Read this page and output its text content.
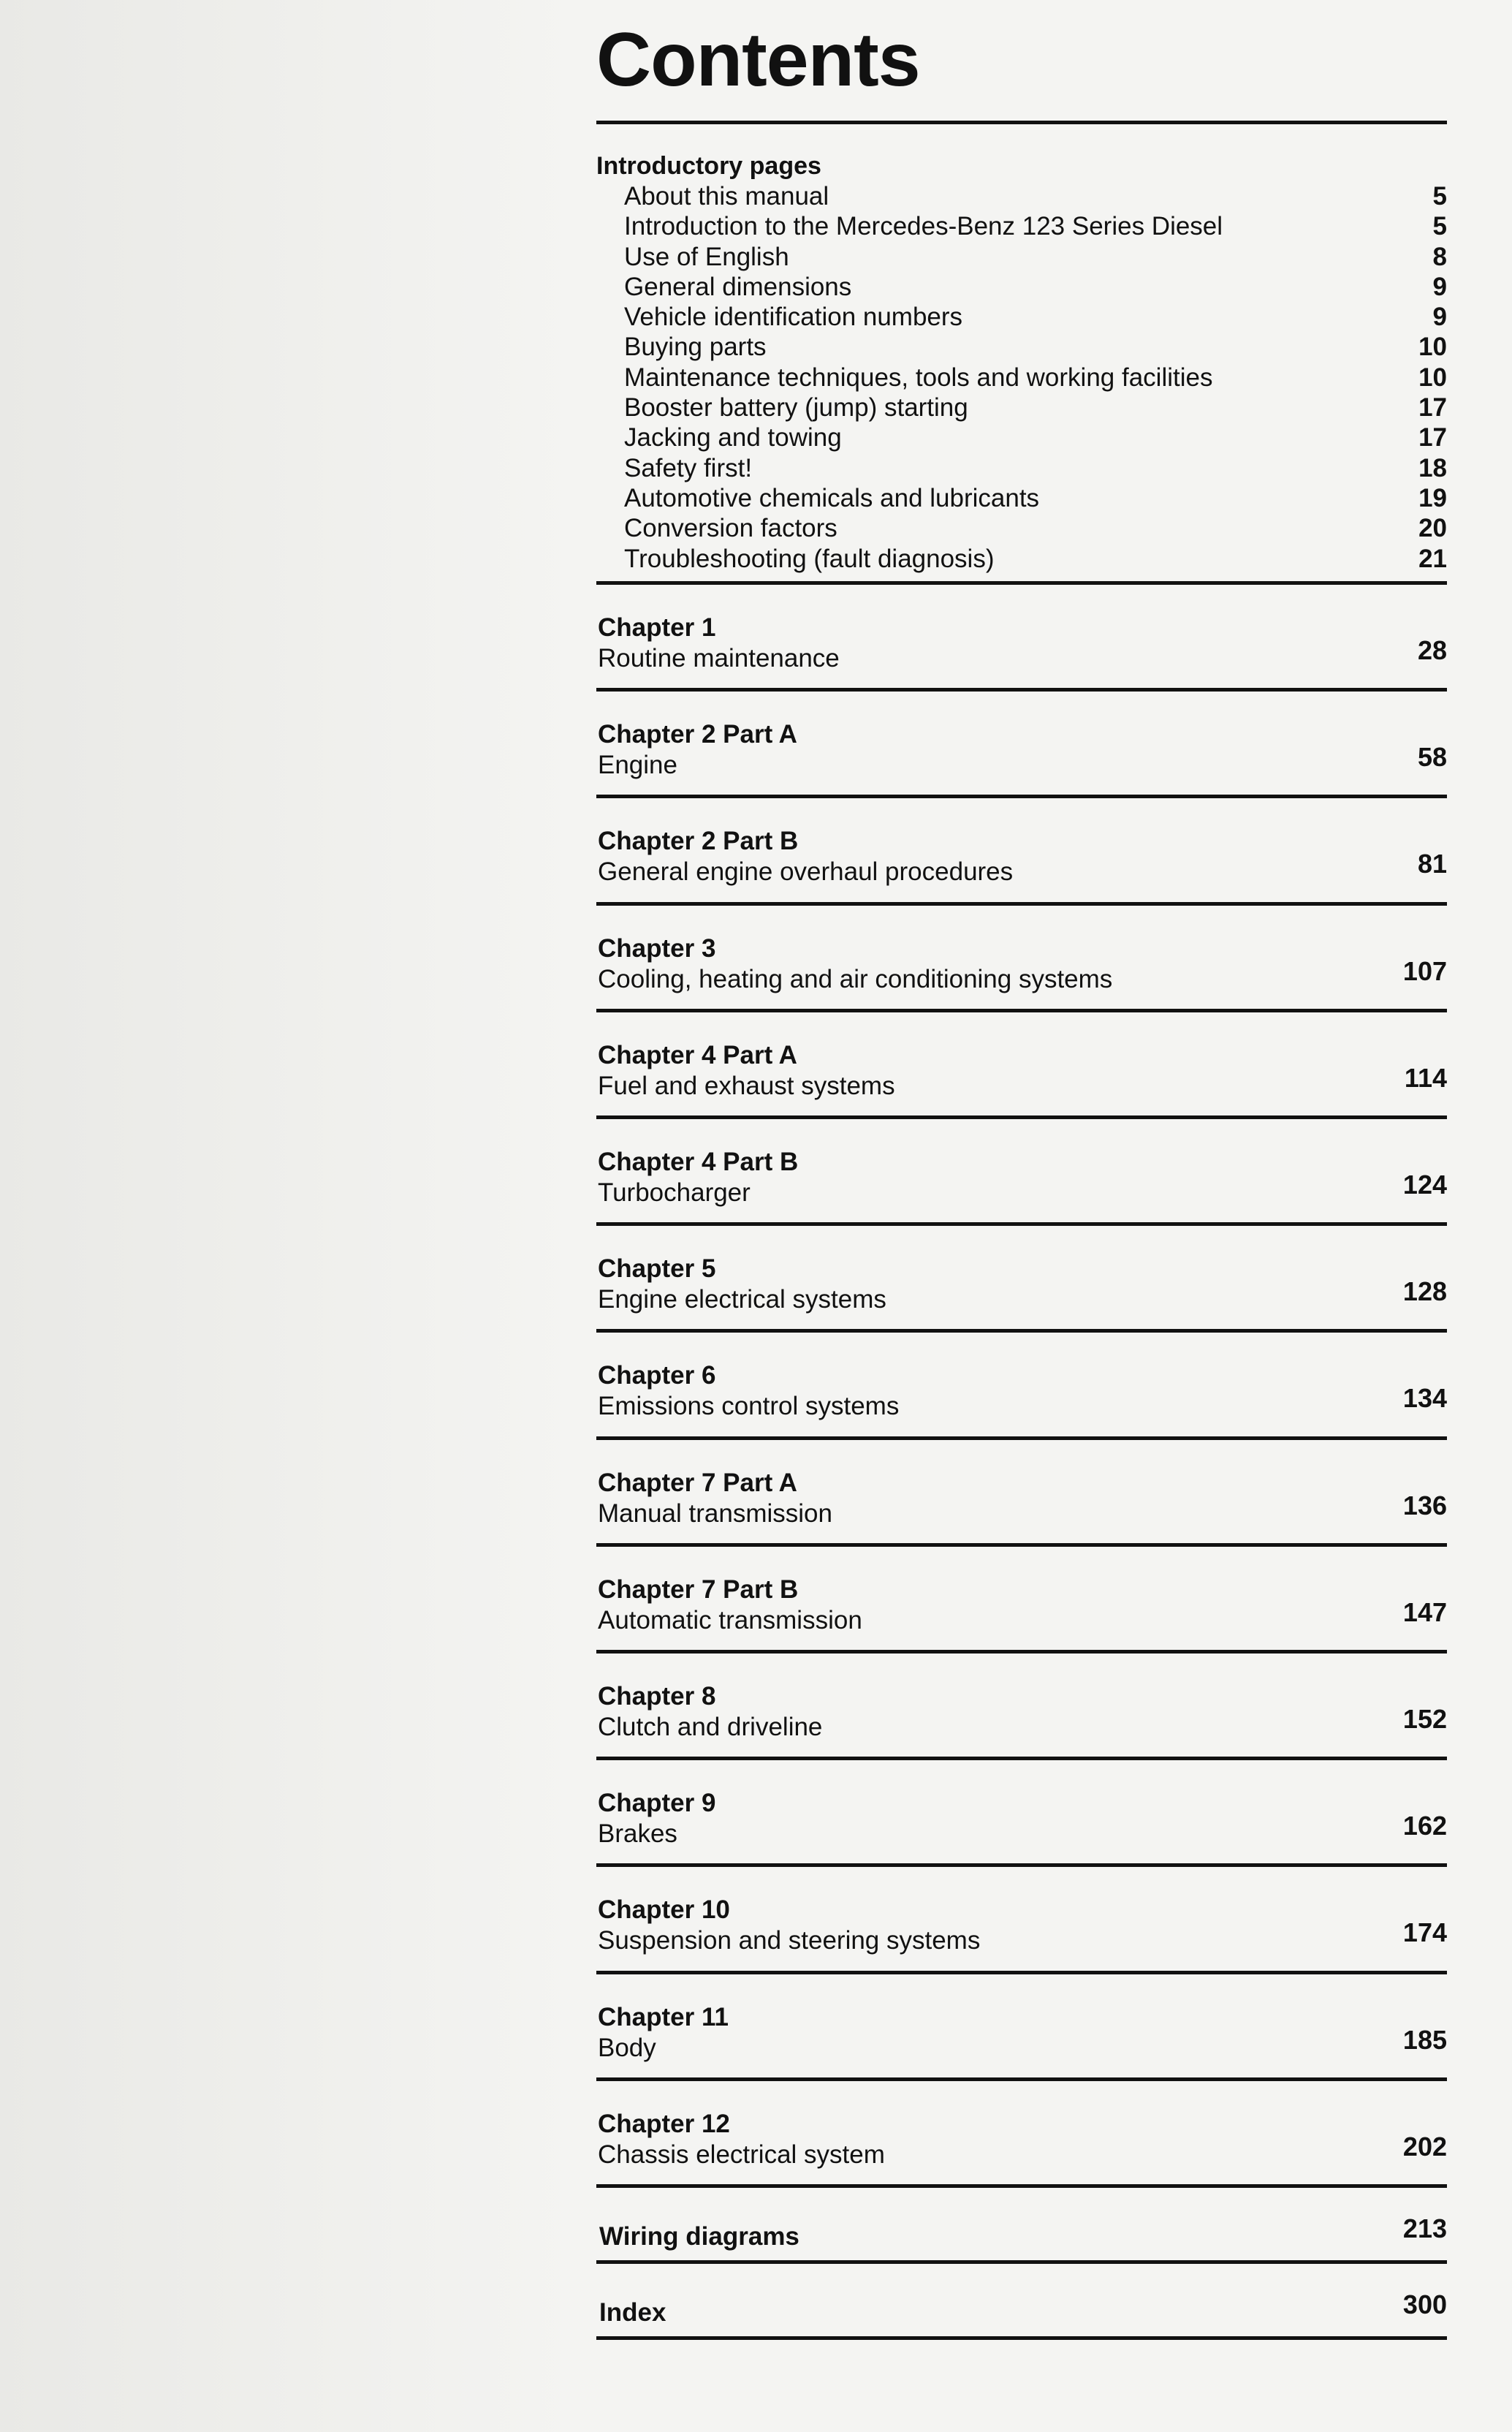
Contents
Introductory pages
About this manual	5
Introduction to the Mercedes-Benz 123 Series Diesel	5
Use of English	8
General dimensions	9
Vehicle identification numbers	9
Buying parts	10
Maintenance techniques, tools and working facilities	10
Booster battery (jump) starting	17
Jacking and towing	17
Safety first!	18
Automotive chemicals and lubricants	19
Conversion factors	20
Troubleshooting (fault diagnosis)	21
Chapter 1
Routine maintenance	28
Chapter 2 Part A
Engine	58
Chapter 2 Part B
General engine overhaul procedures	81
Chapter 3
Cooling, heating and air conditioning systems	107
Chapter 4 Part A
Fuel and exhaust systems	114
Chapter 4 Part B
Turbocharger	124
Chapter 5
Engine electrical systems	128
Chapter 6
Emissions control systems	134
Chapter 7 Part A
Manual transmission	136
Chapter 7 Part B
Automatic transmission	147
Chapter 8
Clutch and driveline	152
Chapter 9
Brakes	162
Chapter 10
Suspension and steering systems	174
Chapter 11
Body	185
Chapter 12
Chassis electrical system	202
Wiring diagrams	213
Index	300
